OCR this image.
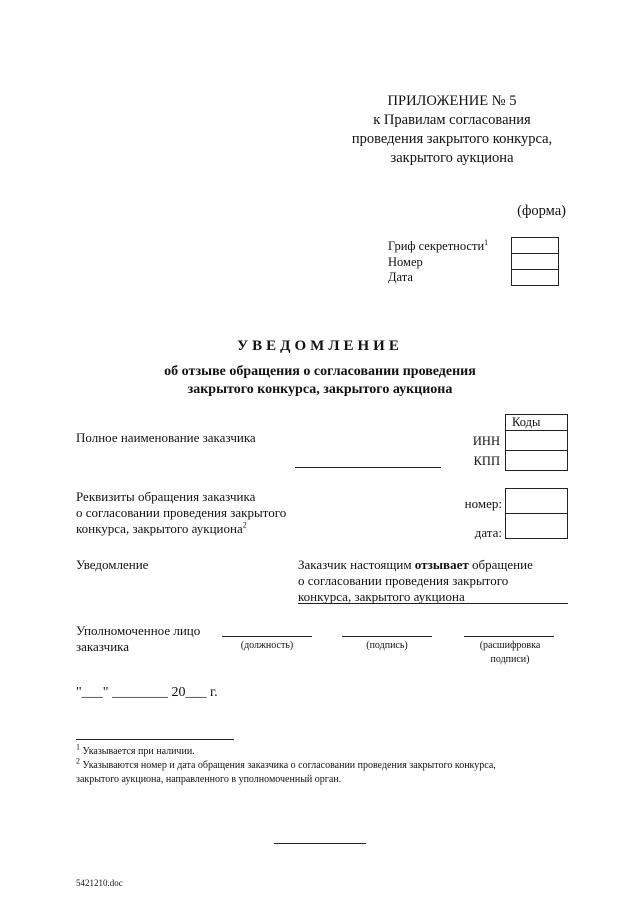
ПРИЛОЖЕНИЕ № 5
к Правилам согласования
проведения закрытого конкурса,
закрытого аукциона
(форма)
Гриф секретности$^1$
Номер
Дата
УВЕДОМЛЕНИЕ
об отзыве обращения о согласовании проведения
закрытого конкурса, закрытого аукциона
Коды
ИНН
КПП
Полное наименование заказчика
Реквизиты обращения заказчика
о согласовании проведения закрытого
конкурса, закрытого аукциона$^2$
номер:
дата:
Уведомление	Заказчик настоящим отзывает обращение
о согласовании проведения закрытого
конкурса, закрытого аукциона
Уполномоченное лицо
заказчика	(должность)	(подпись)	(расшифровка
подписи)
"___" ________ 20___ г.
$^1$ Указывается при наличии.
$^2$ Указываются номер и дата обращения заказчика о согласовании проведения закрытого конкурса,
закрытого аукциона, направленного в уполномоченный орган.
5421210.doc
